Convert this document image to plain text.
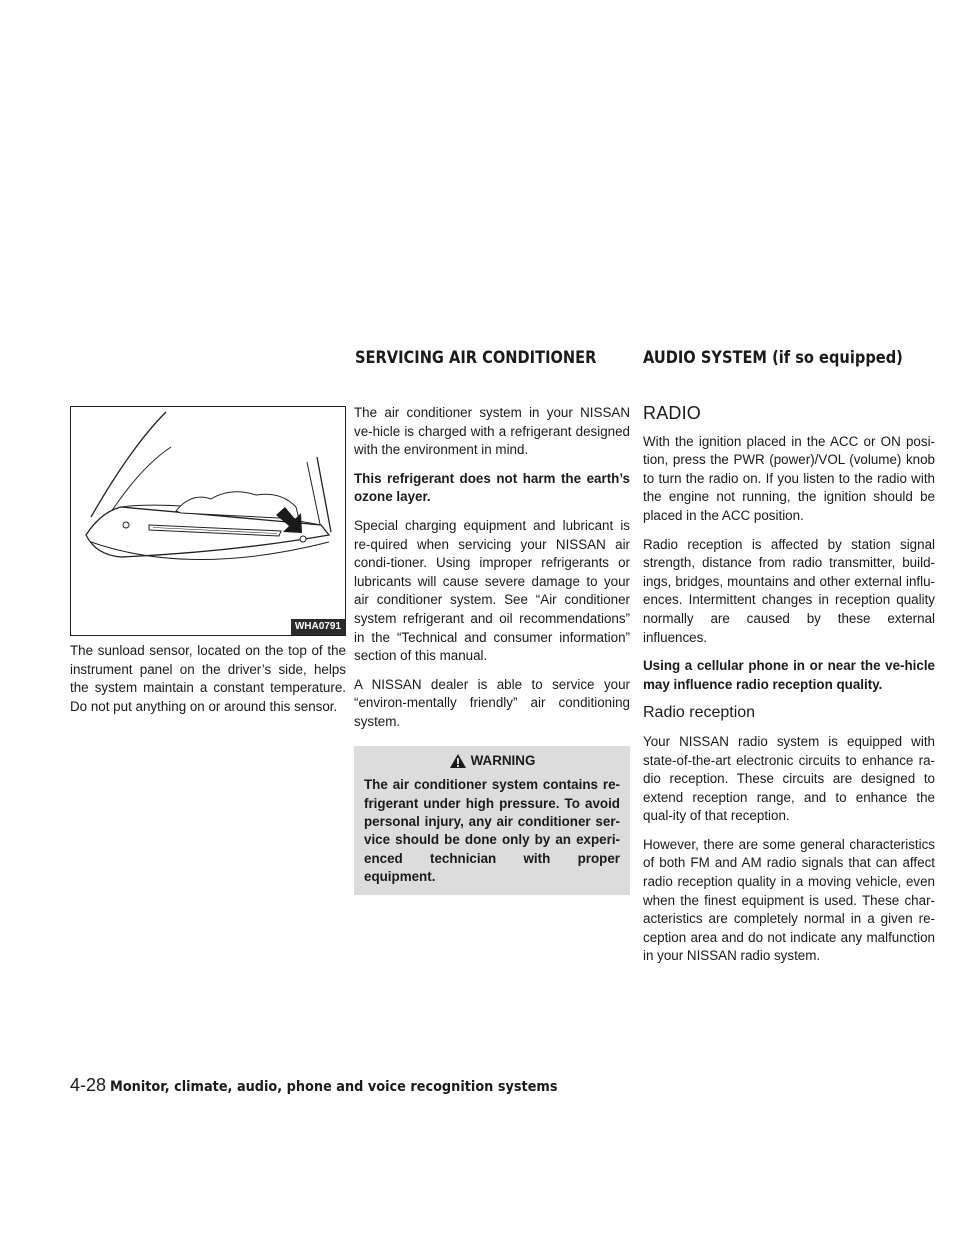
SERVICING AIR CONDITIONER	AUDIO SYSTEM (if so equipped)
WHA0791

The sunload sensor, located on the top of the instrument panel on the driver’s side, helps the system maintain a constant temperature. Do not put anything on or around this sensor.

The air conditioner system in your NISSAN ve-hicle is charged with a refrigerant designed with the environment in mind.

This refrigerant does not harm the earth’s ozone layer.

Special charging equipment and lubricant is re-quired when servicing your NISSAN air condi-tioner. Using improper refrigerants or lubricants will cause severe damage to your air conditioner system. See “Air conditioner system refrigerant and oil recommendations” in the “Technical and consumer information” section of this manual.

A NISSAN dealer is able to service your “environ-mentally friendly” air conditioning system.

WARNING
The air conditioner system contains re-frigerant under high pressure. To avoid personal injury, any air conditioner ser-vice should be done only by an experi-enced technician with proper equipment.
RADIO

With the ignition placed in the ACC or ON posi-tion, press the PWR (power)/VOL (volume) knob to turn the radio on. If you listen to the radio with the engine not running, the ignition should be placed in the ACC position.

Radio reception is affected by station signal strength, distance from radio transmitter, build-ings, bridges, mountains and other external influ-ences. Intermittent changes in reception quality normally are caused by these external influences.

Using a cellular phone in or near the ve-hicle may influence radio reception quality.

Radio reception

Your NISSAN radio system is equipped with state-of-the-art electronic circuits to enhance ra-dio reception. These circuits are designed to extend reception range, and to enhance the qual-ity of that reception.

However, there are some general characteristics of both FM and AM radio signals that can affect radio reception quality in a moving vehicle, even when the finest equipment is used. These char-acteristics are completely normal in a given re-ception area and do not indicate any malfunction in your NISSAN radio system.

4-28 Monitor, climate, audio, phone and voice recognition systems
